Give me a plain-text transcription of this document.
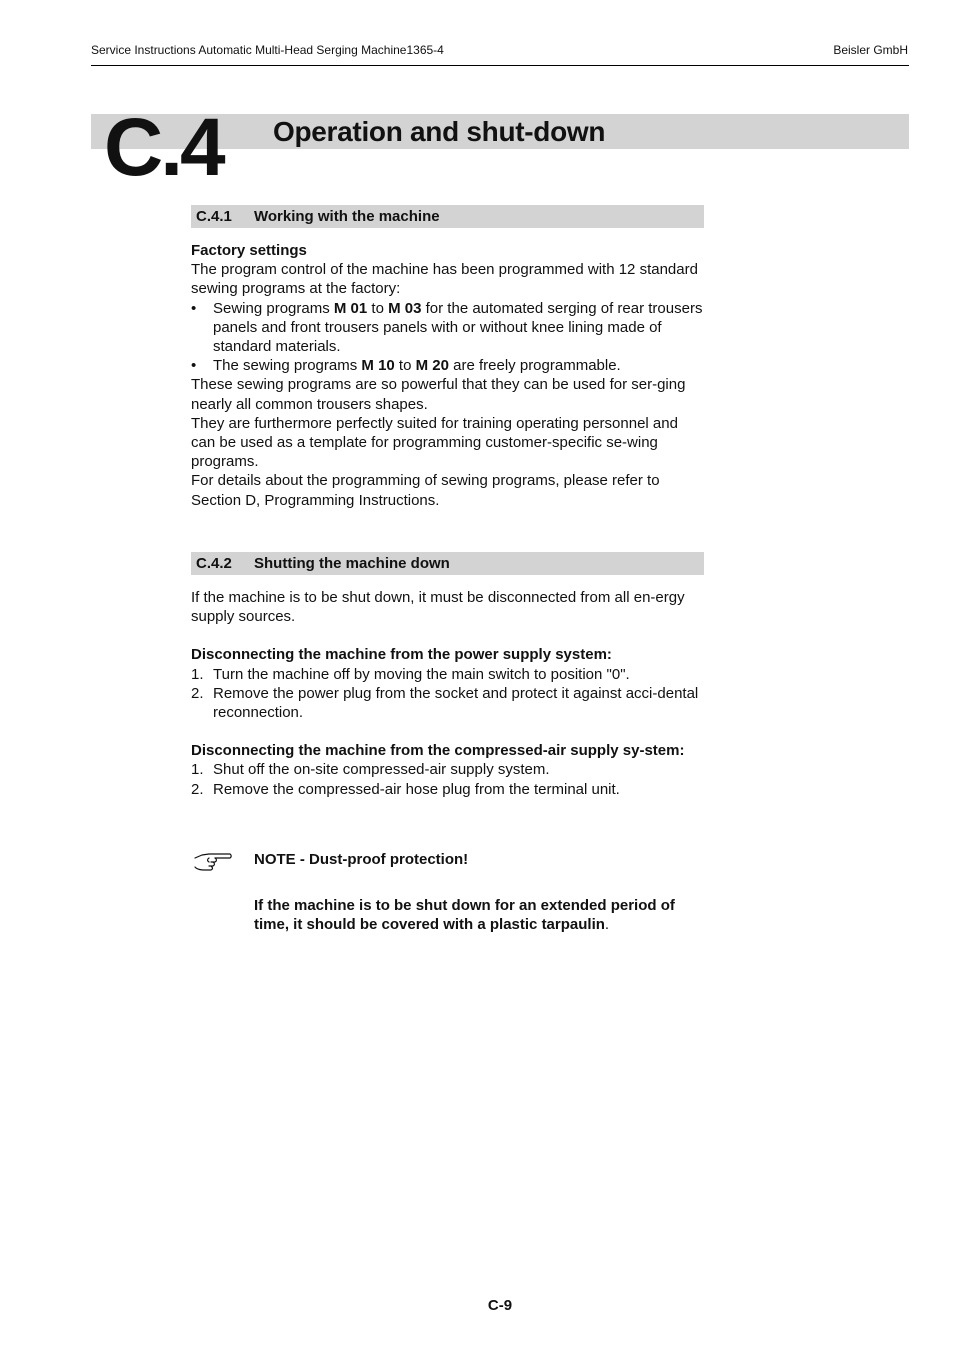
Service Instructions Automatic Multi-Head Serging Machine1365-4	Beisler GmbH
C.4 Operation and shut-down
C.4.1 Working with the machine

Factory settings

The program control of the machine has been programmed with 12 standard sewing programs at the factory:

• Sewing programs M 01 to M 03 for the automated serging of rear trousers panels and front trousers panels with or without knee lining made of standard materials.
• The sewing programs M 10 to M 20 are freely programmable.

These sewing programs are so powerful that they can be used for ser-ging nearly all common trousers shapes.

They are furthermore perfectly suited for training operating personnel and can be used as a template for programming customer-specific se-wing programs.

For details about the programming of sewing programs, please refer to Section D, Programming Instructions.

C.4.2 Shutting the machine down

If the machine is to be shut down, it must be disconnected from all en-ergy supply sources.

Disconnecting the machine from the power supply system:

1. Turn the machine off by moving the main switch to position "0".
2. Remove the power plug from the socket and protect it against acci-dental reconnection.

Disconnecting the machine from the compressed-air supply sy-stem:

1. Shut off the on-site compressed-air supply system.
2. Remove the compressed-air hose plug from the terminal unit.
NOTE - Dust-proof protection!
If the machine is to be shut down for an extended period of time, it should be covered with a plastic tarpaulin.
C-9
